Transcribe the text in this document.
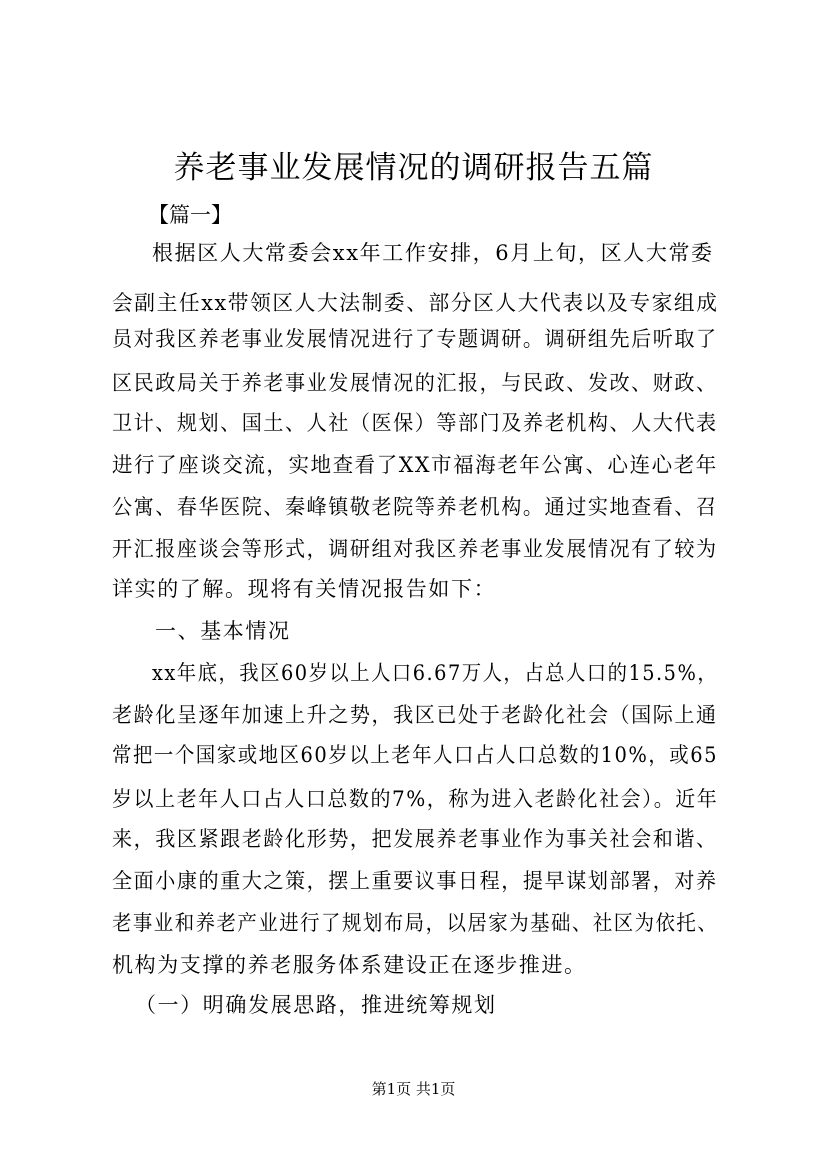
养老事业发展情况的调研报告五篇
【篇一】
根据区人大常委会xx年工作安排，6月上旬，区人大常委
会副主任xx带领区人大法制委、部分区人大代表以及专家组成
员对我区养老事业发展情况进行了专题调研。调研组先后听取了
区民政局关于养老事业发展情况的汇报，与民政、发改、财政、
卫计、规划、国土、人社（医保）等部门及养老机构、人大代表
进行了座谈交流，实地查看了XX市福海老年公寓、心连心老年
公寓、春华医院、秦峰镇敬老院等养老机构。通过实地查看、召
开汇报座谈会等形式，调研组对我区养老事业发展情况有了较为
详实的了解。现将有关情况报告如下：
一、基本情况
xx年底，我区60岁以上人口6.67万人，占总人口的15.5%，
老龄化呈逐年加速上升之势，我区已处于老龄化社会（国际上通
常把一个国家或地区60岁以上老年人口占人口总数的10%，或65
岁以上老年人口占人口总数的7%，称为进入老龄化社会）。近年
来，我区紧跟老龄化形势，把发展养老事业作为事关社会和谐、
全面小康的重大之策，摆上重要议事日程，提早谋划部署，对养
老事业和养老产业进行了规划布局，以居家为基础、社区为依托、
机构为支撑的养老服务体系建设正在逐步推进。
（一）明确发展思路，推进统筹规划
第1页 共1页
